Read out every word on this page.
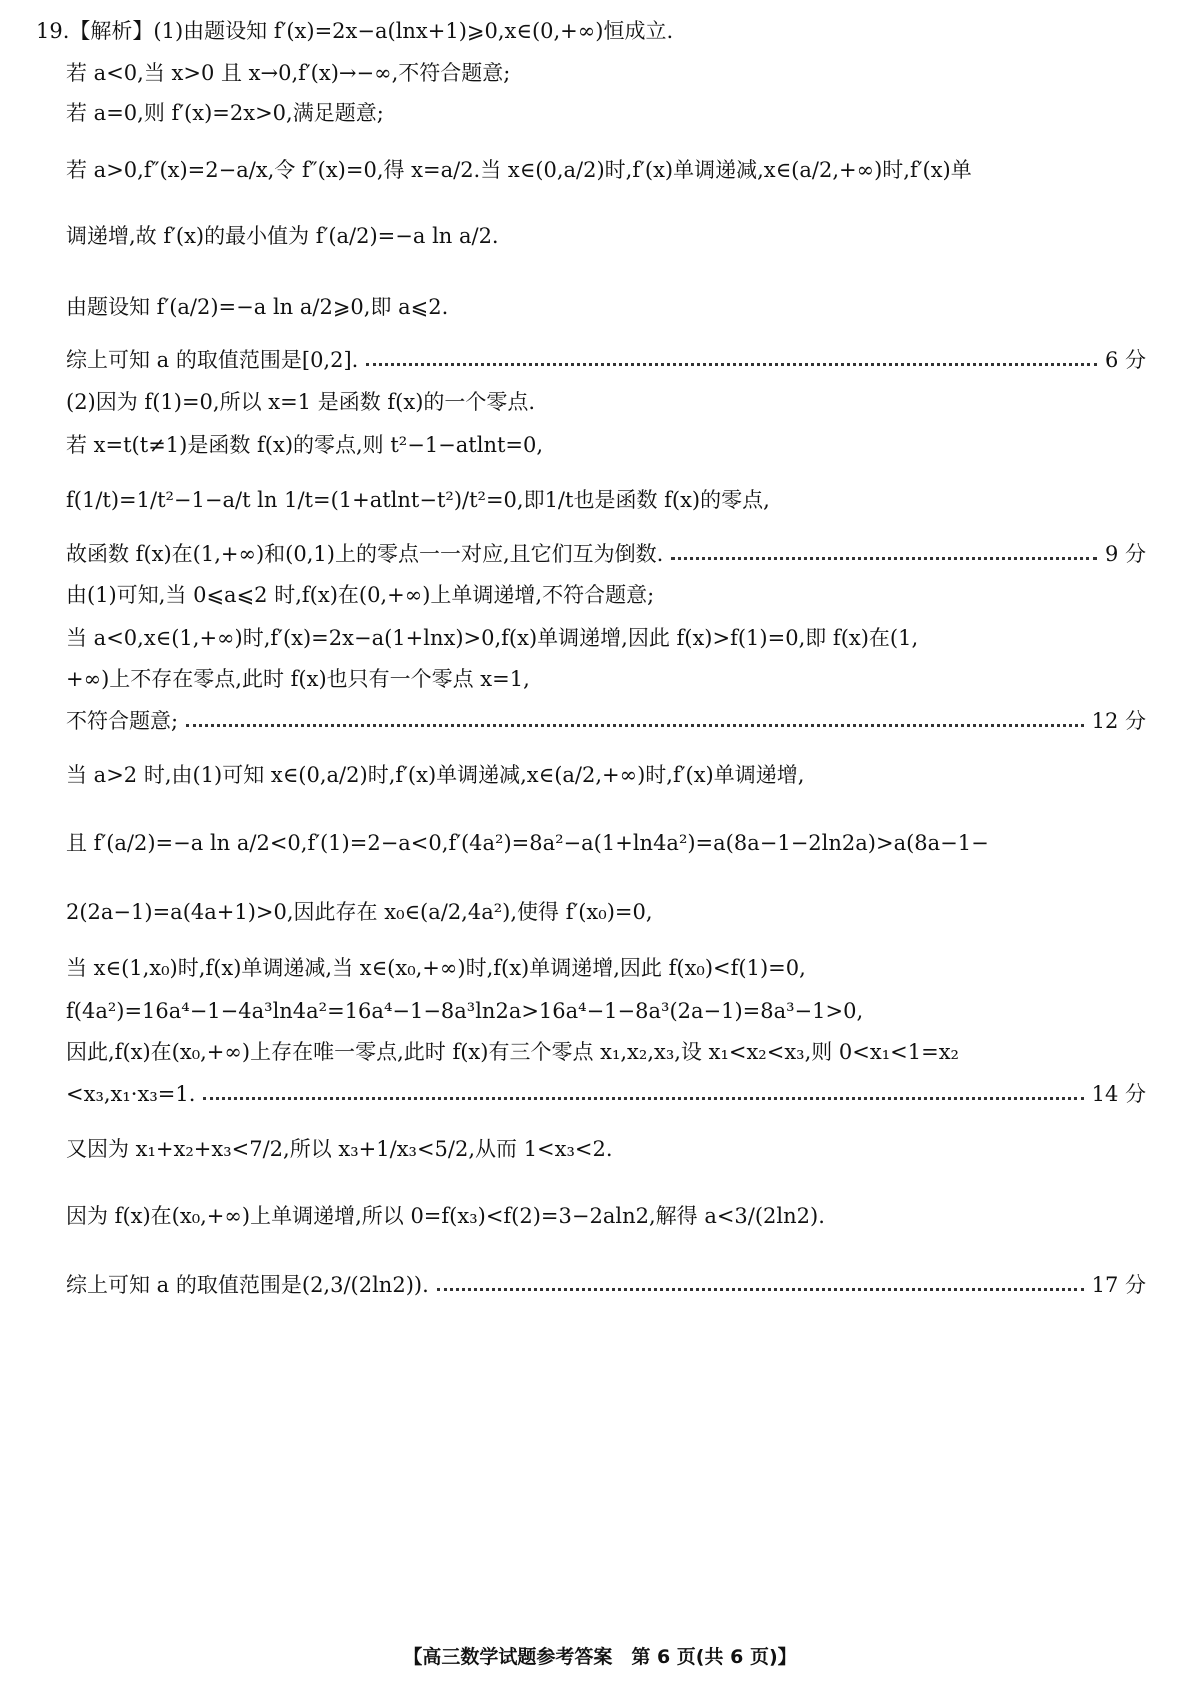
19.【解析】(1)由题设知 f′(x)=2x−a(lnx+1)⩾0,x∈(0,+∞)恒成立.
若 a<0,当 x>0 且 x→0,f′(x)→−∞,不符合题意;
若 a=0,则 f′(x)=2x>0,满足题意;
若 a>0,f″(x)=2−a/x,令 f″(x)=0,得 x=a/2.当 x∈(0,a/2)时,f′(x)单调递减,x∈(a/2,+∞)时,f′(x)单
调递增,故 f′(x)的最小值为 f′(a/2)=−a ln a/2.
由题设知 f′(a/2)=−a ln a/2⩾0,即 a⩽2.
综上可知 a 的取值范围是[0,2].	6 分
(2)因为 f(1)=0,所以 x=1 是函数 f(x)的一个零点.
若 x=t(t≠1)是函数 f(x)的零点,则 t²−1−atlnt=0,
f(1/t)=1/t²−1−a/t ln 1/t=(1+atlnt−t²)/t²=0,即1/t也是函数 f(x)的零点,
故函数 f(x)在(1,+∞)和(0,1)上的零点一一对应,且它们互为倒数.	9 分
由(1)可知,当 0⩽a⩽2 时,f(x)在(0,+∞)上单调递增,不符合题意;
当 a<0,x∈(1,+∞)时,f′(x)=2x−a(1+lnx)>0,f(x)单调递增,因此 f(x)>f(1)=0,即 f(x)在(1,
+∞)上不存在零点,此时 f(x)也只有一个零点 x=1,
不符合题意;	12 分
当 a>2 时,由(1)可知 x∈(0,a/2)时,f′(x)单调递减,x∈(a/2,+∞)时,f′(x)单调递增,
且 f′(a/2)=−a ln a/2<0,f′(1)=2−a<0,f′(4a²)=8a²−a(1+ln4a²)=a(8a−1−2ln2a)>a(8a−1−
2(2a−1)=a(4a+1)>0,因此存在 x₀∈(a/2,4a²),使得 f′(x₀)=0,
当 x∈(1,x₀)时,f(x)单调递减,当 x∈(x₀,+∞)时,f(x)单调递增,因此 f(x₀)<f(1)=0,
f(4a²)=16a⁴−1−4a³ln4a²=16a⁴−1−8a³ln2a>16a⁴−1−8a³(2a−1)=8a³−1>0,
因此,f(x)在(x₀,+∞)上存在唯一零点,此时 f(x)有三个零点 x₁,x₂,x₃,设 x₁<x₂<x₃,则 0<x₁<1=x₂
<x₃,x₁·x₃=1.	14 分
又因为 x₁+x₂+x₃<7/2,所以 x₃+1/x₃<5/2,从而 1<x₃<2.
因为 f(x)在(x₀,+∞)上单调递增,所以 0=f(x₃)<f(2)=3−2aln2,解得 a<3/(2ln2).
综上可知 a 的取值范围是(2,3/(2ln2)).	17 分
【高三数学试题参考答案　第 6 页(共 6 页)】
